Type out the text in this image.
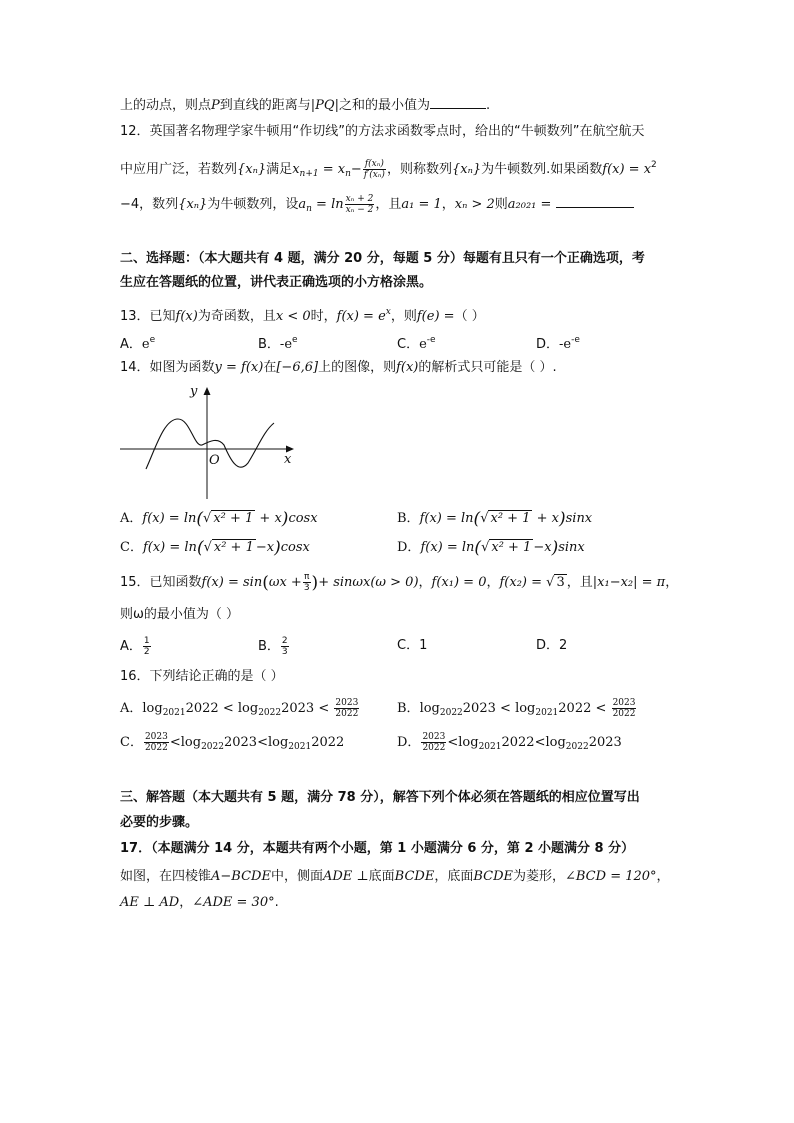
上的动点，则点P到直线的距离与|PQ|之和的最小值为	.
12．英国著名物理学家牛顿用“作切线”的方法求函数零点时，给出的“牛顿数列”在航空航天
中应用广泛，若数列{xₙ}满足$x_{n+1} = x_n- \frac{\text{f(xₙ)}}{\text{f′(xₙ)}}$ ，则称数列{xₙ}为牛顿数列.如果函数$f(x) = x^2$
−4，数列{xₙ}为牛顿数列，设$a_n = \ln \frac{\text{xₙ + 2}}{\text{xₙ − 2}}$ ，且a₁ = 1，xₙ > 2则a₂₀₂₁ =
二、选择题：（本大题共有 4 题，满分 20 分，每题 5 分）每题有且只有一个正确选项，考
生应在答题纸的位置，讲代表正确选项的小方格涂黑。
13．已知f(x)为奇函数，且x < 0时，$f(x) = e^x$，则f(e) =（ ）
A．$e^e$	B．$-e^e$	C．$e^{-e}$	D．$-e^{-e}$
14．如图为函数y = f(x)在[−6,6]上的图像，则f(x)的解析式只可能是（ ）.
y
x
O
A．f(x) = ln(√ x² + 1 + x)cosx	B．f(x) = ln(√ x² + 1 + x)sinx
C．f(x) = ln(√ x² + 1 −x)cosx	D．f(x) = ln(√ x² + 1 −x)sinx
15．已知函数$f(x) = \sin(\omega x + \frac{\pi}{3}$ )+ sinωx(ω > 0)，f(x₁) = 0，f(x₂) = √ 3 ，且|x₁−x₂| = π，
则ω的最小值为（ ）
A． $\frac{1}{2}$	B． $\frac{2}{3}$	C．1	D．2
16．下列结论正确的是（ ）
A．$\log_{2021}2022 < \log_{2022}2023 < \frac{2023}{2022}$	B．$\log_{2022}2023 < \log_{2021}2022 < \frac{2023}{2022}$
C． $\frac{2023}{2022} <\log_{2022}2023<\log_{2021}2022$	D． $\frac{2023}{2022} <\log_{2021}2022<\log_{2022}2023$
三、解答题（本大题共有 5 题，满分 78 分），解答下列个体必须在答题纸的相应位置写出
必要的步骤。
17．（本题满分 14 分，本题共有两个小题，第 1 小题满分 6 分，第 2 小题满分 8 分）
如图，在四棱锥A−BCDE中，侧面ADE ⊥底面BCDE，底面BCDE为菱形，∠BCD = 120°，
AE ⊥ AD，∠ADE = 30°.
